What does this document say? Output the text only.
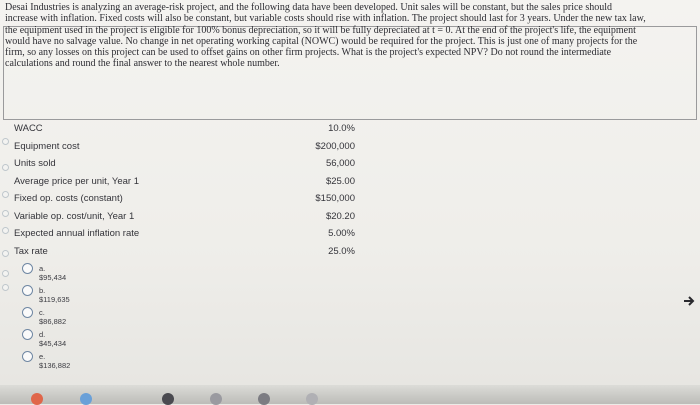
Desai Industries is analyzing an average-risk project, and the following data have been developed. Unit sales will be constant, but the sales price should
increase with inflation. Fixed costs will also be constant, but variable costs should rise with inflation. The project should last for 3 years. Under the new tax law,
the equipment used in the project is eligible for 100% bonus depreciation, so it will be fully depreciated at t = 0. At the end of the project's life, the equipment
would have no salvage value. No change in net operating working capital (NOWC) would be required for the project. This is just one of many projects for the
firm, so any losses on this project can be used to offset gains on other firm projects. What is the project's expected NPV? Do not round the intermediate
calculations and round the final answer to the nearest whole number.
WACC	10.0%
Equipment cost	$200,000
Units sold	56,000
Average price per unit, Year 1	$25.00
Fixed op. costs (constant)	$150,000
Variable op. cost/unit, Year 1	$20.20
Expected annual inflation rate	5.00%
Tax rate	25.0%
a. $95,434
b. $119,635
c. $86,882
d. $45,434
e. $136,882
